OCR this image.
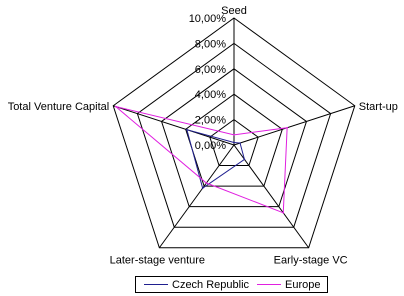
0,00%
2,00%
4,00%
6,00%
8,00%
10,00%
Seed
Start-up
Early-stage VC
Later-stage venture
Total Venture Capital
Czech Republic	Europe
